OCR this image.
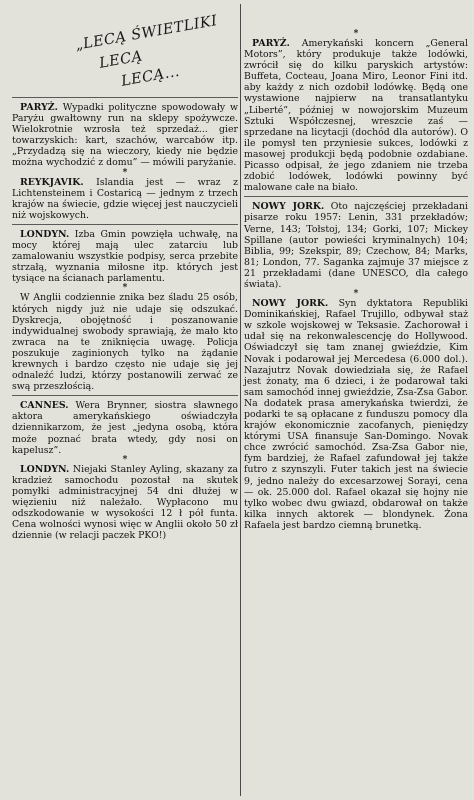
„LECĄ ŚWIETLIKI
LECĄ
LECĄ...

PARYŻ. Wypadki polityczne spowodowały w Paryżu gwałtowny run na sklepy spożywcze. Wielokrotnie wzrosła też sprzedaż... gier towarzyskich: kart, szachów, warcabów itp. „Przydadzą się na wieczory, kiedy nie będzie można wychodzić z domu” — mówili paryżanie.

*

REYKJAVIK. Islandia jest — wraz z Lichtensteinem i Costaricą — jednym z trzech krajów na świecie, gdzie więcej jest nauczycieli niż wojskowych.

LONDYN. Izba Gmin powzięła uchwałę, na mocy której mają ulec zatarciu lub zamalowaniu wszystkie podpisy, serca przebite strzałą, wyznania miłosne itp. których jest tysiące na ścianach parlamentu.

*

W Anglii codziennie znika bez śladu 25 osób, których nigdy już nie udaje się odszukać. Dyskrecja, obojętność i poszanowanie indywidualnej swobody sprawiają, że mało kto zwraca na te zniknięcia uwagę. Policja poszukuje zaginionych tylko na żądanie krewnych i bardzo często nie udaje się jej odnaleźć ludzi, którzy postanowili zerwać ze swą przeszłością.

CANNES. Wera Brynner, siostra sławnego aktora amerykańskiego oświadczyła dziennikarzom, że jest „jedyna osobą, która może poznać brata wtedy, gdy nosi on kapelusz”.

*

LONDYN. Niejaki Stanley Ayling, skazany za kradzież samochodu pozostał na skutek pomyłki administracyjnej 54 dni dłużej w więzieniu niż należało. Wypłacono mu odszkodowanie w wysokości 12 ł pół funta. Cena wolności wynosi więc w Anglii około 50 zł dziennie (w relacji paczek PKO!)

*

PARYŻ. Amerykański koncern „General Motors”, który produkuje także lodówki, zwrócił się do kilku paryskich artystów: Buffeta, Cocteau, Joana Miro, Leonor Fini itd. aby każdy z nich ozdobił lodówkę. Będą one wystawione najpierw na transatlantyku „Liberté”, później w nowojorskim Muzeum Sztuki Współczesnej, wreszcie zaś — sprzedane na licytacji (dochód dla autorów). O ile pomysł ten przyniesie sukces, lodówki z masowej produkcji będą podobnie ozdabiane. Picasso odpisał, że jego zdaniem nie trzeba zdobić lodówek, lodówki powinny być malowane całe na biało.

NOWY JORK. Oto najczęściej przekładani pisarze roku 1957: Lenin, 331 przekładów; Verne, 143; Tołstoj, 134; Gorki, 107; Mickey Spillane (autor powieści kryminalnych) 104; Biblia, 99; Szekspir, 89; Czechow, 84; Marks, 81; London, 77. Saganka zajmuje 37 miejsce z 21 przekładami (dane UNESCO, dla całego świata).

*

NOWY JORK. Syn dyktatora Republiki Dominikańskiej, Rafael Trujillo, odbywał staż w szkole wojskowej w Teksasie. Zachorował i udał się na rekonwalescencję do Hollywood. Oświadczył się tam znanej gwieździe, Kim Novak i podarował jej Mercedesa (6.000 dol.). Nazajutrz Novak dowiedziała się, że Rafael jest żonaty, ma 6 dzieci, i że podarował taki sam samochód innej gwieździe, Zsa-Zsa Gabor. Na dodatek prasa amerykańska twierdzi, że podarki te są opłacane z funduszu pomocy dla krajów ekonomicznie zacofanych, pieniędzy którymi USA finansuje San-Domingo. Novak chce zwrócić samochód. Zsa-Zsa Gabor nie, fym bardziej, że Rafael zafundował jej także futro z szynszyli. Futer takich jest na świecie 9, jedno należy do excesarzowej Sorayi, cena — ok. 25.000 dol. Rafael okazał się hojny nie tylko wobec dwu gwiazd, obdarował on także kilka innych aktorek — blondynek. Żona Rafaela jest bardzo ciemną brunetką.
